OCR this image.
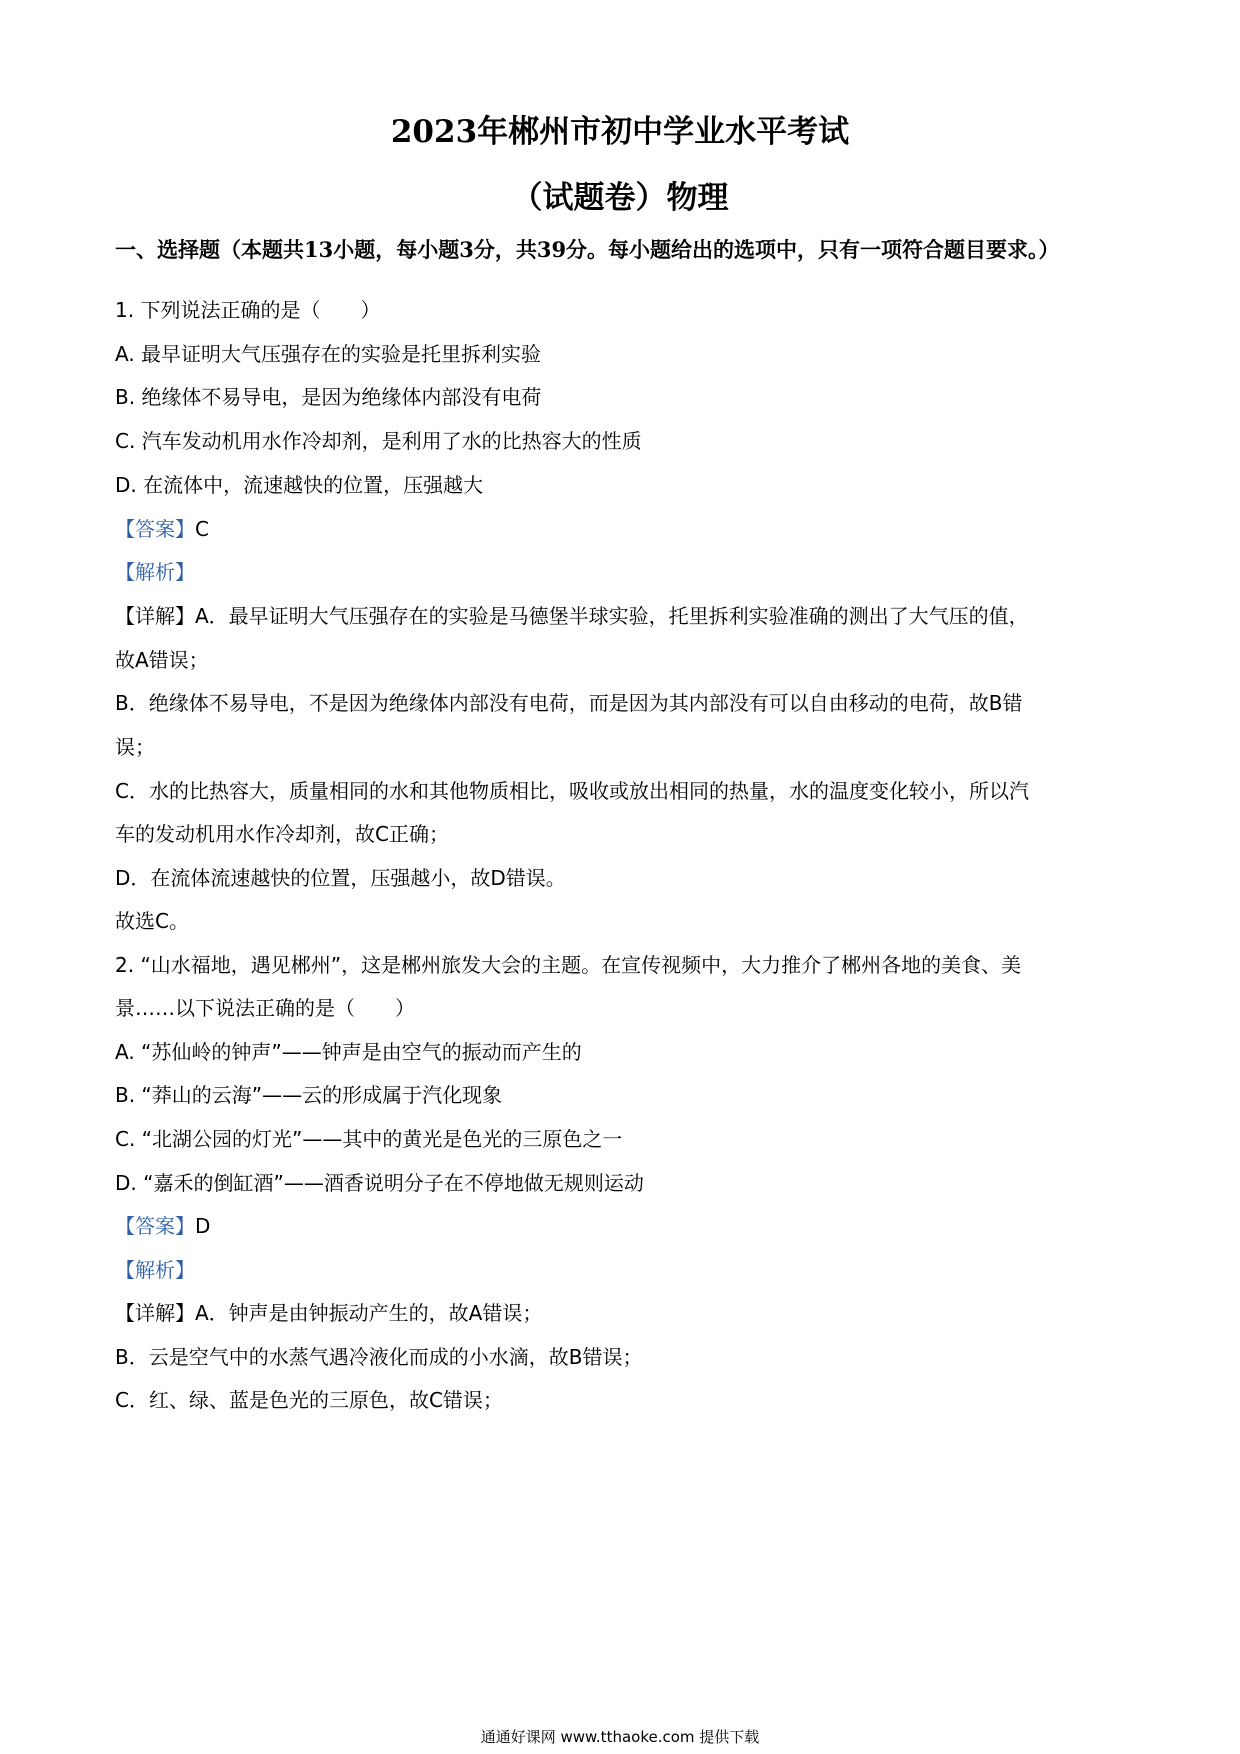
2023年郴州市初中学业水平考试
（试题卷）物理
一、选择题（本题共13小题，每小题3分，共39分。每小题给出的选项中，只有一项符合题目要求。）
1. 下列说法正确的是（　　）
A. 最早证明大气压强存在的实验是托里拆利实验
B. 绝缘体不易导电，是因为绝缘体内部没有电荷
C. 汽车发动机用水作冷却剂，是利用了水的比热容大的性质
D. 在流体中，流速越快的位置，压强越大
【答案】C
【解析】
【详解】A．最早证明大气压强存在的实验是马德堡半球实验，托里拆利实验准确的测出了大气压的值，
故A错误；
B．绝缘体不易导电，不是因为绝缘体内部没有电荷，而是因为其内部没有可以自由移动的电荷，故B错
误；
C．水的比热容大，质量相同的水和其他物质相比，吸收或放出相同的热量，水的温度变化较小，所以汽
车的发动机用水作冷却剂，故C正确；
D．在流体流速越快的位置，压强越小，故D错误。
故选C。
2. “山水福地，遇见郴州”，这是郴州旅发大会的主题。在宣传视频中，大力推介了郴州各地的美食、美
景……以下说法正确的是（　　）
A. “苏仙岭的钟声”——钟声是由空气的振动而产生的
B. “莽山的云海”——云的形成属于汽化现象
C. “北湖公园的灯光”——其中的黄光是色光的三原色之一
D. “嘉禾的倒缸酒”——酒香说明分子在不停地做无规则运动
【答案】D
【解析】
【详解】A．钟声是由钟振动产生的，故A错误；
B．云是空气中的水蒸气遇冷液化而成的小水滴，故B错误；
C．红、绿、蓝是色光的三原色，故C错误；
通通好课网 www.tthaoke.com 提供下载
